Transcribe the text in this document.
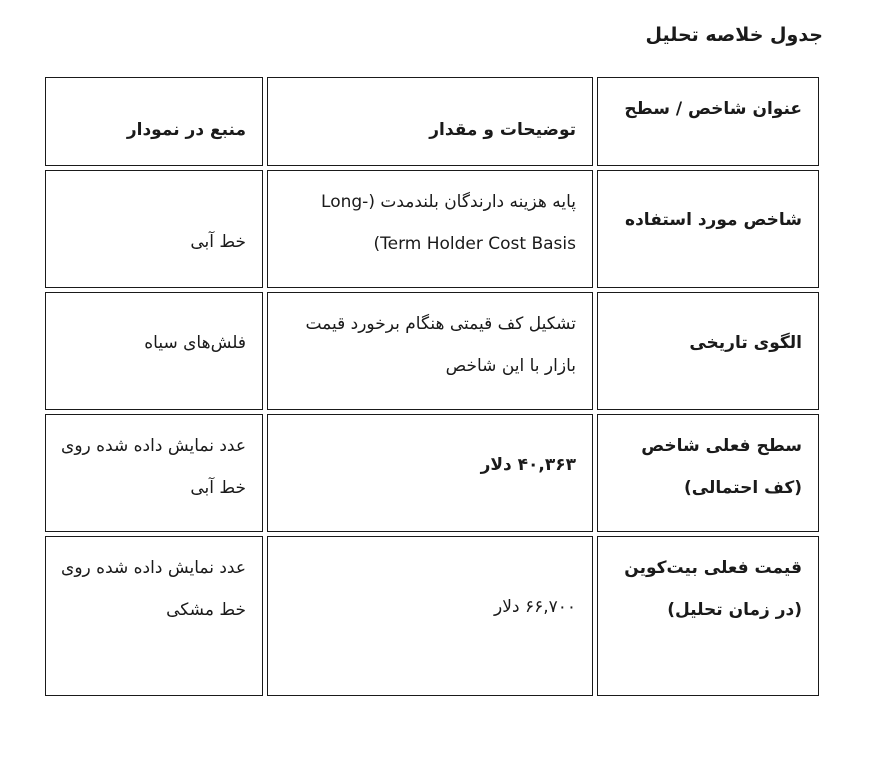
جدول خلاصه تحلیل
عنوان شاخص / سطح	توضیحات و مقدار	منبع در نمودار
شاخص مورد استفاده	پایه هزینه دارندگان بلندمدت (Long-Term Holder Cost Basis)	خط آبی
الگوی تاریخی	تشکیل کف قیمتی هنگام برخورد قیمت بازار با این شاخص	فلش‌های سیاه
سطح فعلی شاخص (کف احتمالی)	۴۰,۳۶۳ دلار	عدد نمایش داده شده روی خط آبی
قیمت فعلی بیت‌کوین (در زمان تحلیل)	۶۶,۷۰۰ دلار	عدد نمایش داده شده روی خط مشکی
